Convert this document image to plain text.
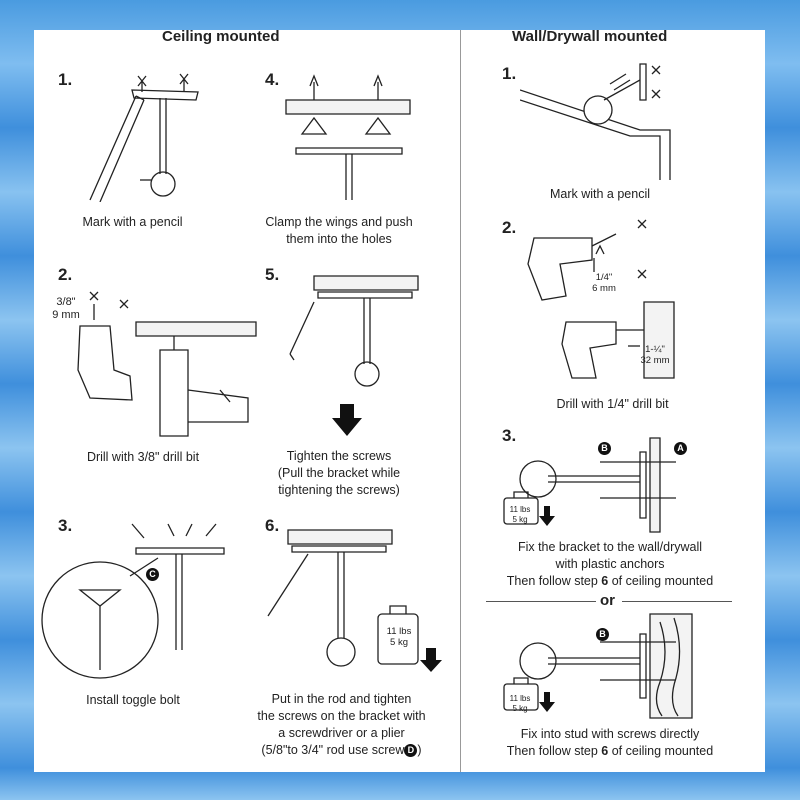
Ceiling mounted	Wall/Drywall mounted
1.
Mark with a pencil
2.
3/8"
9 mm
Drill with 3/8" drill bit
3.
C
Install toggle bolt
4.
Clamp the wings and push
them into the holes
5.
Tighten the screws
(Pull the bracket while
tightening the screws)
6.
11 lbs
5 kg
Put in the rod and tighten
the screws on the bracket with
a screwdriver or a plier
(5/8"to 3/4" rod use screw D )
1.
Mark with a pencil
2.
1/4"
6 mm
1-¼"
32 mm
Drill with 1/4" drill bit
3.
B	A
11 lbs
5 kg
Fix the bracket to the wall/drywall
with plastic anchors
Then follow step 6 of ceiling mounted
or
B
11 lbs
5 kg
Fix into stud with screws directly
Then follow step 6 of ceiling mounted
